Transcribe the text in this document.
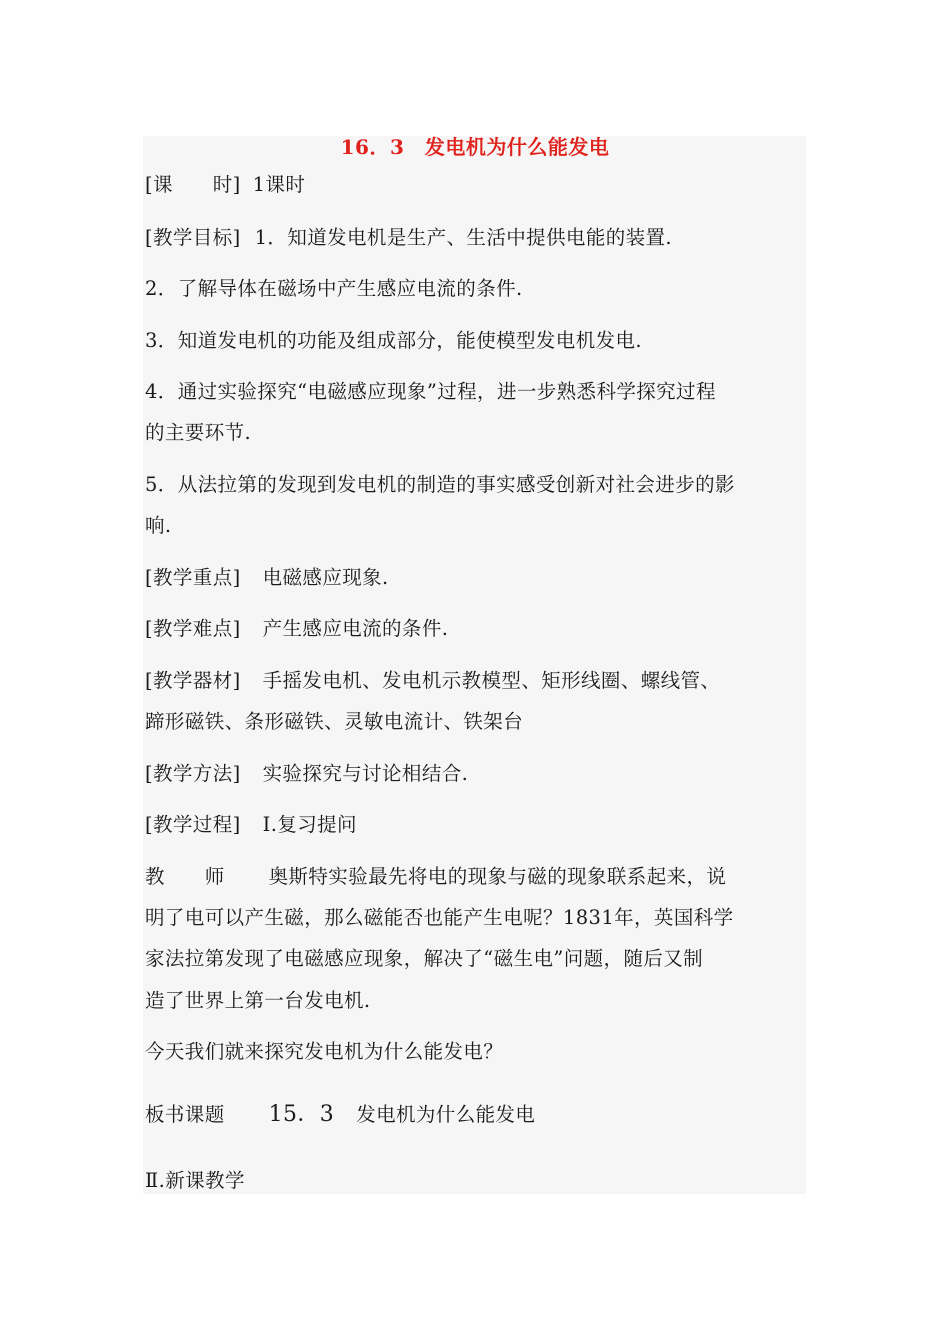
16．3　发电机为什么能发电
[课　　时] 1课时
[教学目标] 1．知道发电机是生产、生活中提供电能的装置.
2．了解导体在磁场中产生感应电流的条件.
3．知道发电机的功能及组成部分，能使模型发电机发电.
4．通过实验探究“电磁感应现象”过程，进一步熟悉科学探究过程
的主要环节.
5．从法拉第的发现到发电机的制造的事实感受创新对社会进步的影
响.
[教学重点] 电磁感应现象.
[教学难点] 产生感应电流的条件.
[教学器材] 手摇发电机、发电机示教模型、矩形线圈、螺线管、
蹄形磁铁、条形磁铁、灵敏电流计、铁架台
[教学方法] 实验探究与讨论相结合.
[教学过程] Ⅰ.复习提问
教　　师 奥斯特实验最先将电的现象与磁的现象联系起来，说
明了电可以产生磁，那么磁能否也能产生电呢？1831年，英国科学
家法拉第发现了电磁感应现象，解决了“磁生电”问题，随后又制
造了世界上第一台发电机.
今天我们就来探究发电机为什么能发电？
板书课题 15．3 发电机为什么能发电
Ⅱ.新课教学
